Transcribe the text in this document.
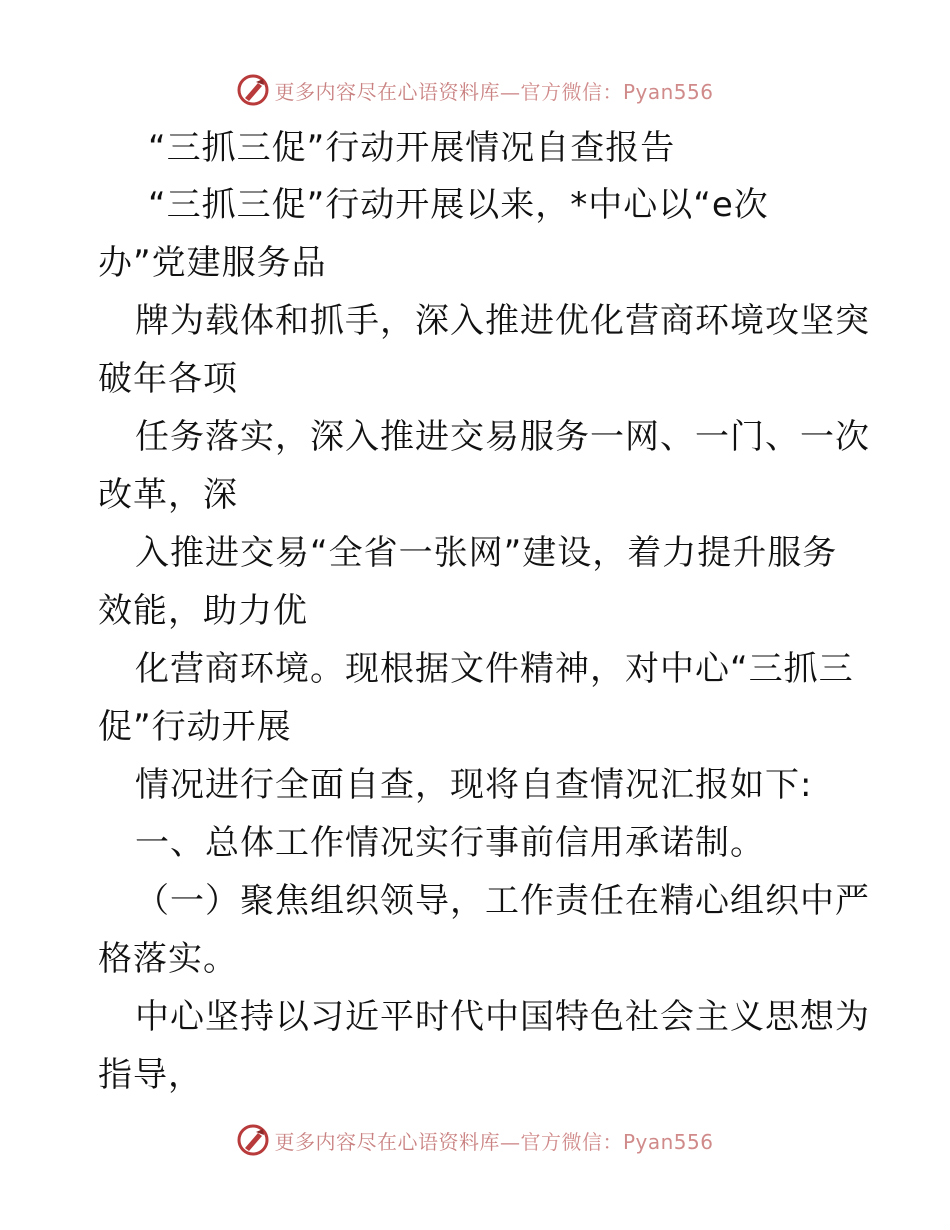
更多内容尽在心语资料库— 官方微信：Pyan556
“三抓三促”行动开展情况自查报告
“三抓三促”行动开展以来，*中心以“e次
办”党建服务品
牌为载体和抓手，深入推进优化营商环境攻坚突
破年各项
任务落实，深入推进交易服务一网、一门、一次
改革，深
入推进交易“全省一张网”建设，着力提升服务
效能，助力优
化营商环境。现根据文件精神，对中心“三抓三
促”行动开展
情况进行全面自查，现将自查情况汇报如下:
一、总体工作情况实行事前信用承诺制。
（一）聚焦组织领导，工作责任在精心组织中严
格落实。
中心坚持以习近平时代中国特色社会主义思想为
指导，
更多内容尽在心语资料库— 官方微信：Pyan556
